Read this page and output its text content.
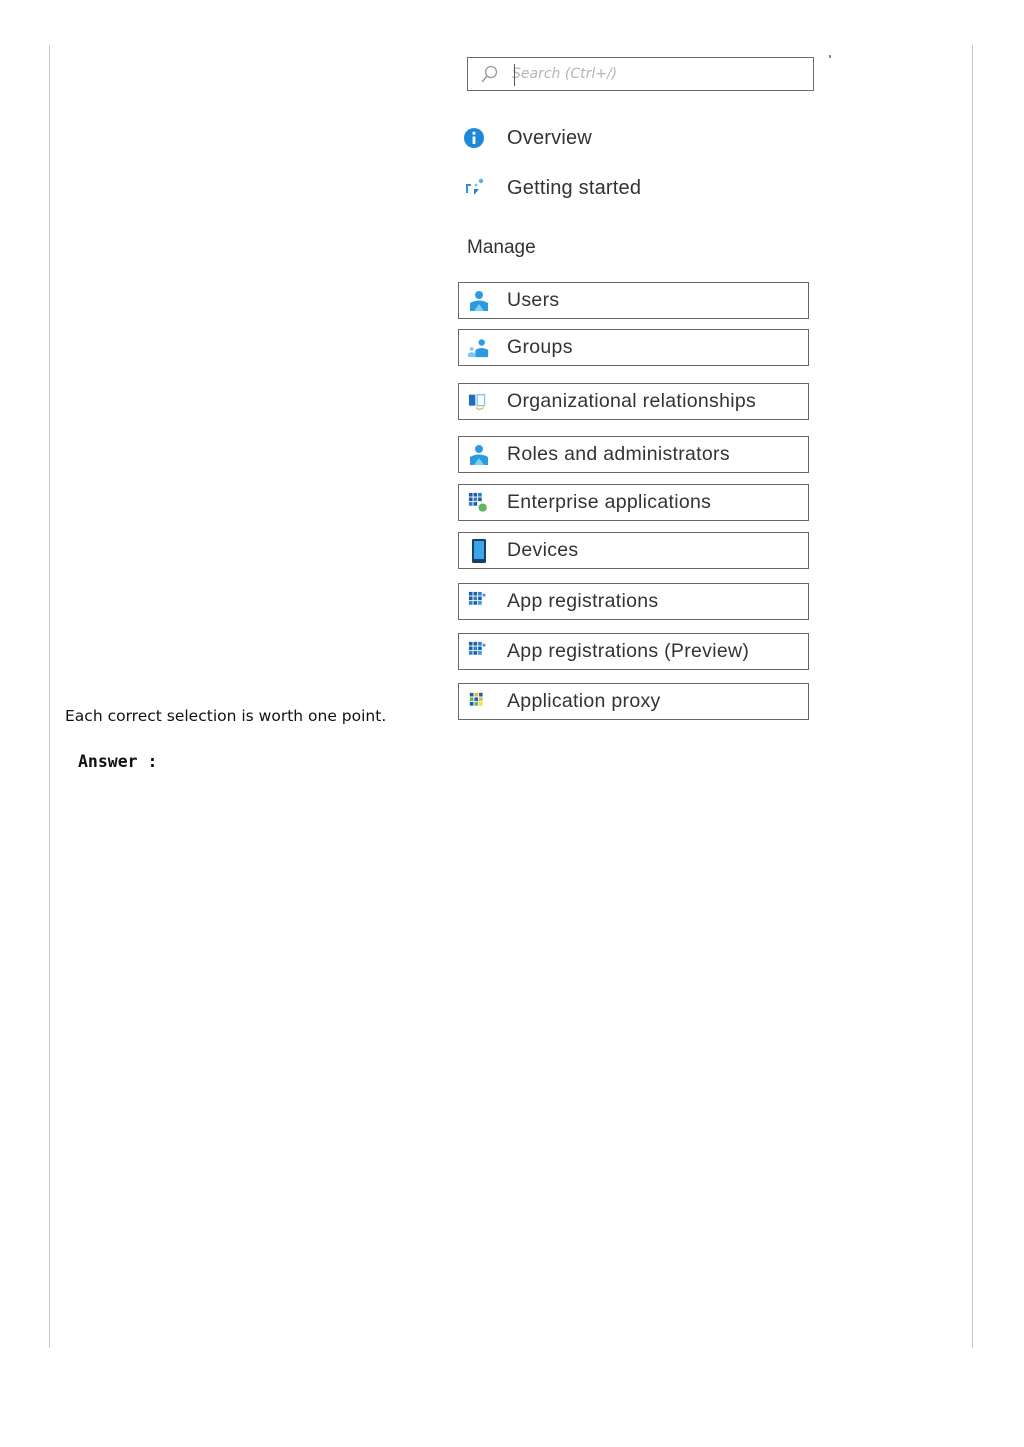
Search (Ctrl+/)
Overview
Getting started
Manage
Users
Groups
Organizational relationships
Roles and administrators
Enterprise applications
Devices
App registrations
App registrations (Preview)
Application proxy
Each correct selection is worth one point.
Answer :
